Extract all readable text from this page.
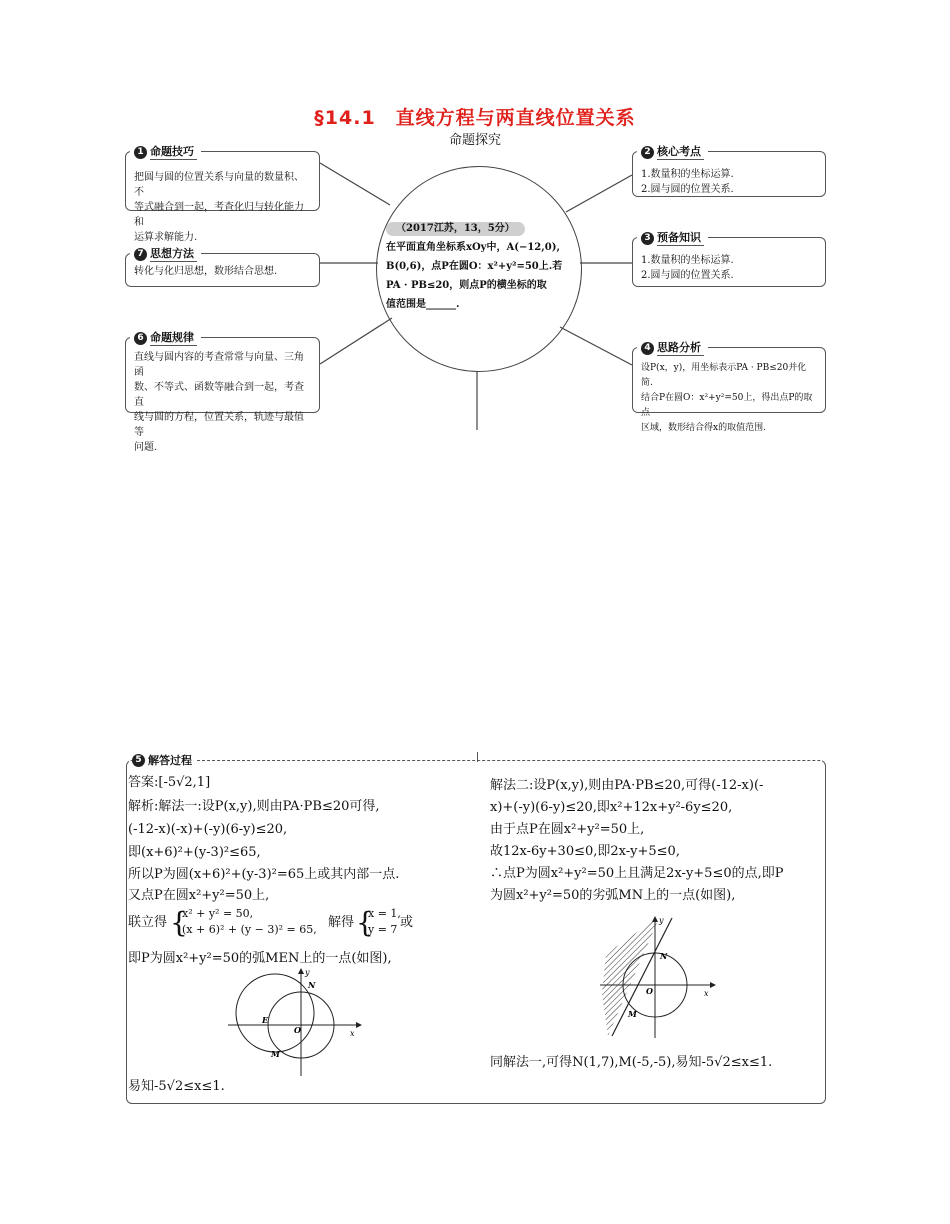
§14.1　直线方程与两直线位置关系
命题探究
（2017江苏，13，5分）
在平面直角坐标系xOy中，A(−12,0),
B(0,6)，点P在圆O：x²+y²=50上.若
PA · PB≤20，则点P的横坐标的取
值范围是______.
1 命题技巧
把圆与圆的位置关系与向量的数量积、不
等式融合到一起，考查化归与转化能力和
运算求解能力.
7 思想方法
转化与化归思想，数形结合思想.
6 命题规律
直线与圆内容的考查常常与向量、三角函
数、不等式、函数等融合到一起，考查直
线与圆的方程，位置关系，轨迹与最值等
问题.
2 核心考点
1.数量积的坐标运算.
2.圆与圆的位置关系.
3 预备知识
1.数量积的坐标运算.
2.圆与圆的位置关系.
4 思路分析
设P(x，y)，用坐标表示PA · PB≤20并化简.
结合P在圆O：x²+y²=50上，得出点P的取点
区域，数形结合得x的取值范围.
5 解答过程
答案:[-5√2,1]
解析:解法一:设P(x,y),则由PA·PB≤20可得,
(-12-x)(-x)+(-y)(6-y)≤20,
即(x+6)²+(y-3)²≤65,
所以P为圆(x+6)²+(y-3)²=65上或其内部一点.
又点P在圆x²+y²=50上,
联立得 {
x² + y² = 50,
(x + 6)² + (y − 3)² = 65, 解得 {
x = 1,
y = 7 或
即P为圆x²+y²=50的弧MEN上的一点(如图),
y
N
E
O	x
M
易知-5√2≤x≤1.
解法二:设P(x,y),则由PA·PB≤20,可得(-12-x)(-
x)+(-y)(6-y)≤20,即x²+12x+y²-6y≤20,
由于点P在圆x²+y²=50上,
故12x-6y+30≤0,即2x-y+5≤0,
∴点P为圆x²+y²=50上且满足2x-y+5≤0的点,即P
为圆x²+y²=50的劣弧MN上的一点(如图),
y
N
O	x
M
同解法一,可得N(1,7),M(-5,-5),易知-5√2≤x≤1.
